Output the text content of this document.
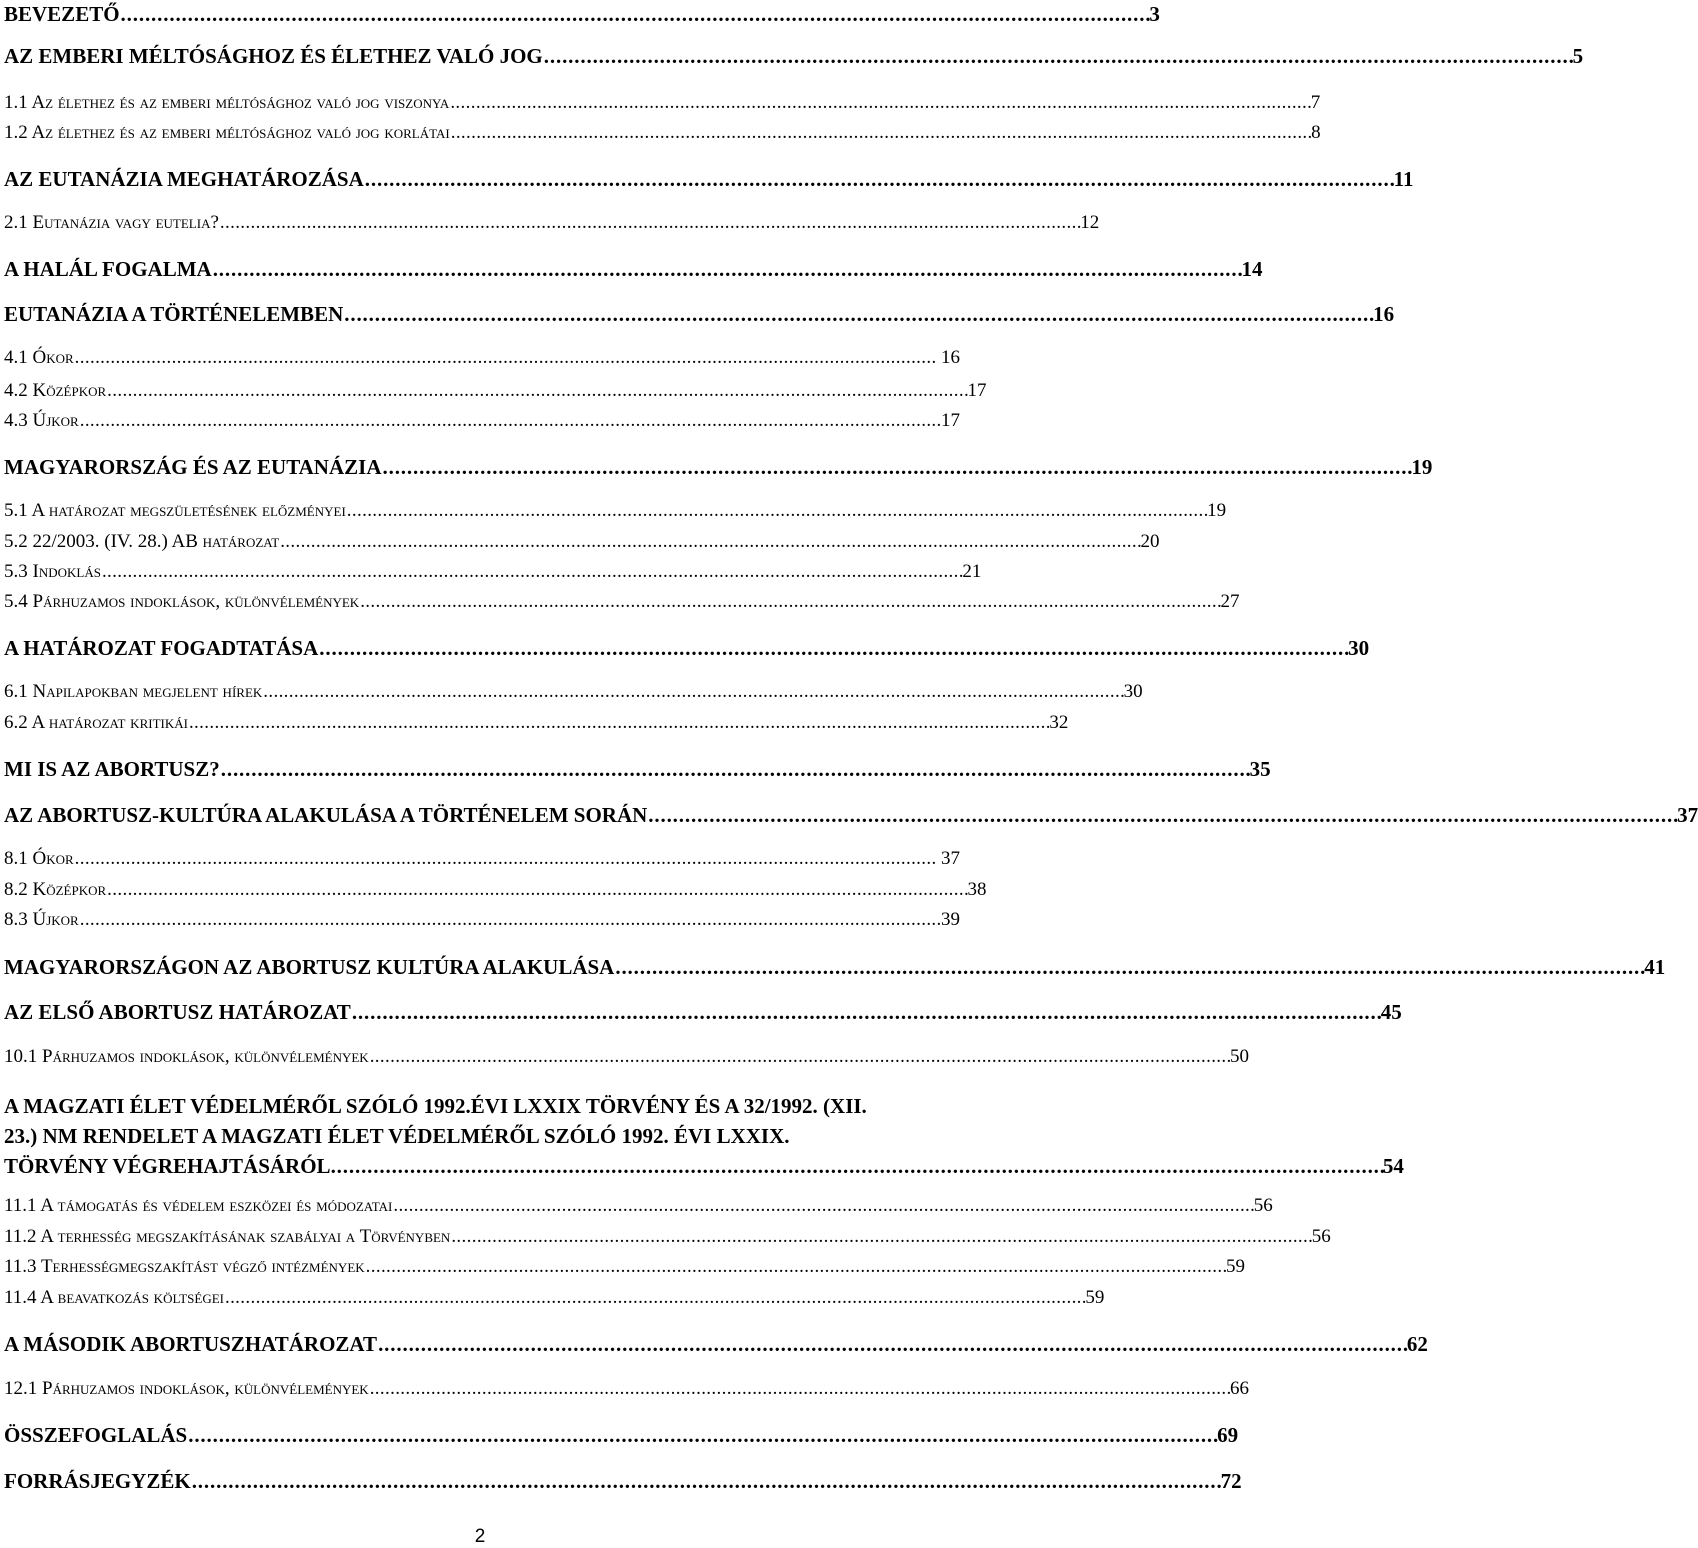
BEVEZETŐ . . .	3
AZ EMBERI MÉLTÓSÁGHOZ ÉS ÉLETHEZ VALÓ JOG . . .	5
1.1 Az élethez és az emberi méltósághoz való jog viszonya . . .	7
1.2 Az élethez és az emberi méltósághoz való jog korlátai . . .	8
AZ EUTANÁZIA MEGHATÁROZÁSA . . .	11
2.1 Eutanázia vagy eutelia? . . .	12
A HALÁL FOGALMA . . .	14
EUTANÁZIA A TÖRTÉNELEMBEN . . .	16
4.1 Ókor . . .	16
4.2 Középkor . . .	17
4.3 Újkor . . .	17
MAGYARORSZÁG ÉS AZ EUTANÁZIA . . .	19
5.1 A határozat megszületésének előzményei . . .	19
5.2 22/2003. (IV. 28.) AB határozat . . .	20
5.3 Indoklás . . .	21
5.4 Párhuzamos indoklások, különvélemények . . .	27
A HATÁROZAT FOGADTATÁSA . . .	30
6.1 Napilapokban megjelent hírek . . .	30
6.2 A határozat kritikái . . .	32
MI IS AZ ABORTUSZ? . . .	35
AZ ABORTUSZ-KULTÚRA ALAKULÁSA A TÖRTÉNELEM SORÁN . . .	37
8.1 Ókor . . .	37
8.2 Középkor . . .	38
8.3 Újkor . . .	39
MAGYARORSZÁGON AZ ABORTUSZ KULTÚRA ALAKULÁSA . . .	41
AZ ELSŐ ABORTUSZ HATÁROZAT . . .	45
10.1 Párhuzamos indoklások, különvélemények . . .	50
A MAGZATI ÉLET VÉDELMÉRŐL SZÓLÓ 1992.ÉVI LXXIX TÖRVÉNY ÉS A 32/1992. (XII.
23.) NM RENDELET A MAGZATI ÉLET VÉDELMÉRŐL SZÓLÓ 1992. ÉVI LXXIX.
TÖRVÉNY VÉGREHAJTÁSÁRÓL . . . . . . . . . . . . . . . . . . . . . . . . . . . . . . . . . . . . . . . . . . . . . . . . . . . . . . . . . . . . . . . . . . . . . . . . . . . . . . . . . . . . . . . . . . . . . . . . . . . . . . . . . . . . . . . . . . . . . . . . . . . . . . . . . . . . . . . . . . . . . . . . . . . . . . . . . . . . . . . . . . . . . . . . . . . . . 54
11.1 A támogatás és védelem eszközei és módozatai . . .	56
11.2 A terhesség megszakításának szabályai a Törvényben . . .	56
11.3 Terhességmegszakítást végző intézmények . . .	59
11.4 A beavatkozás költségei . . .	59
A MÁSODIK ABORTUSZHATÁROZAT . . .	62
12.1 Párhuzamos indoklások, különvélemények . . .	66
ÖSSZEFOGLALÁS . . .	69
FORRÁSJEGYZÉK . . .	72
2
